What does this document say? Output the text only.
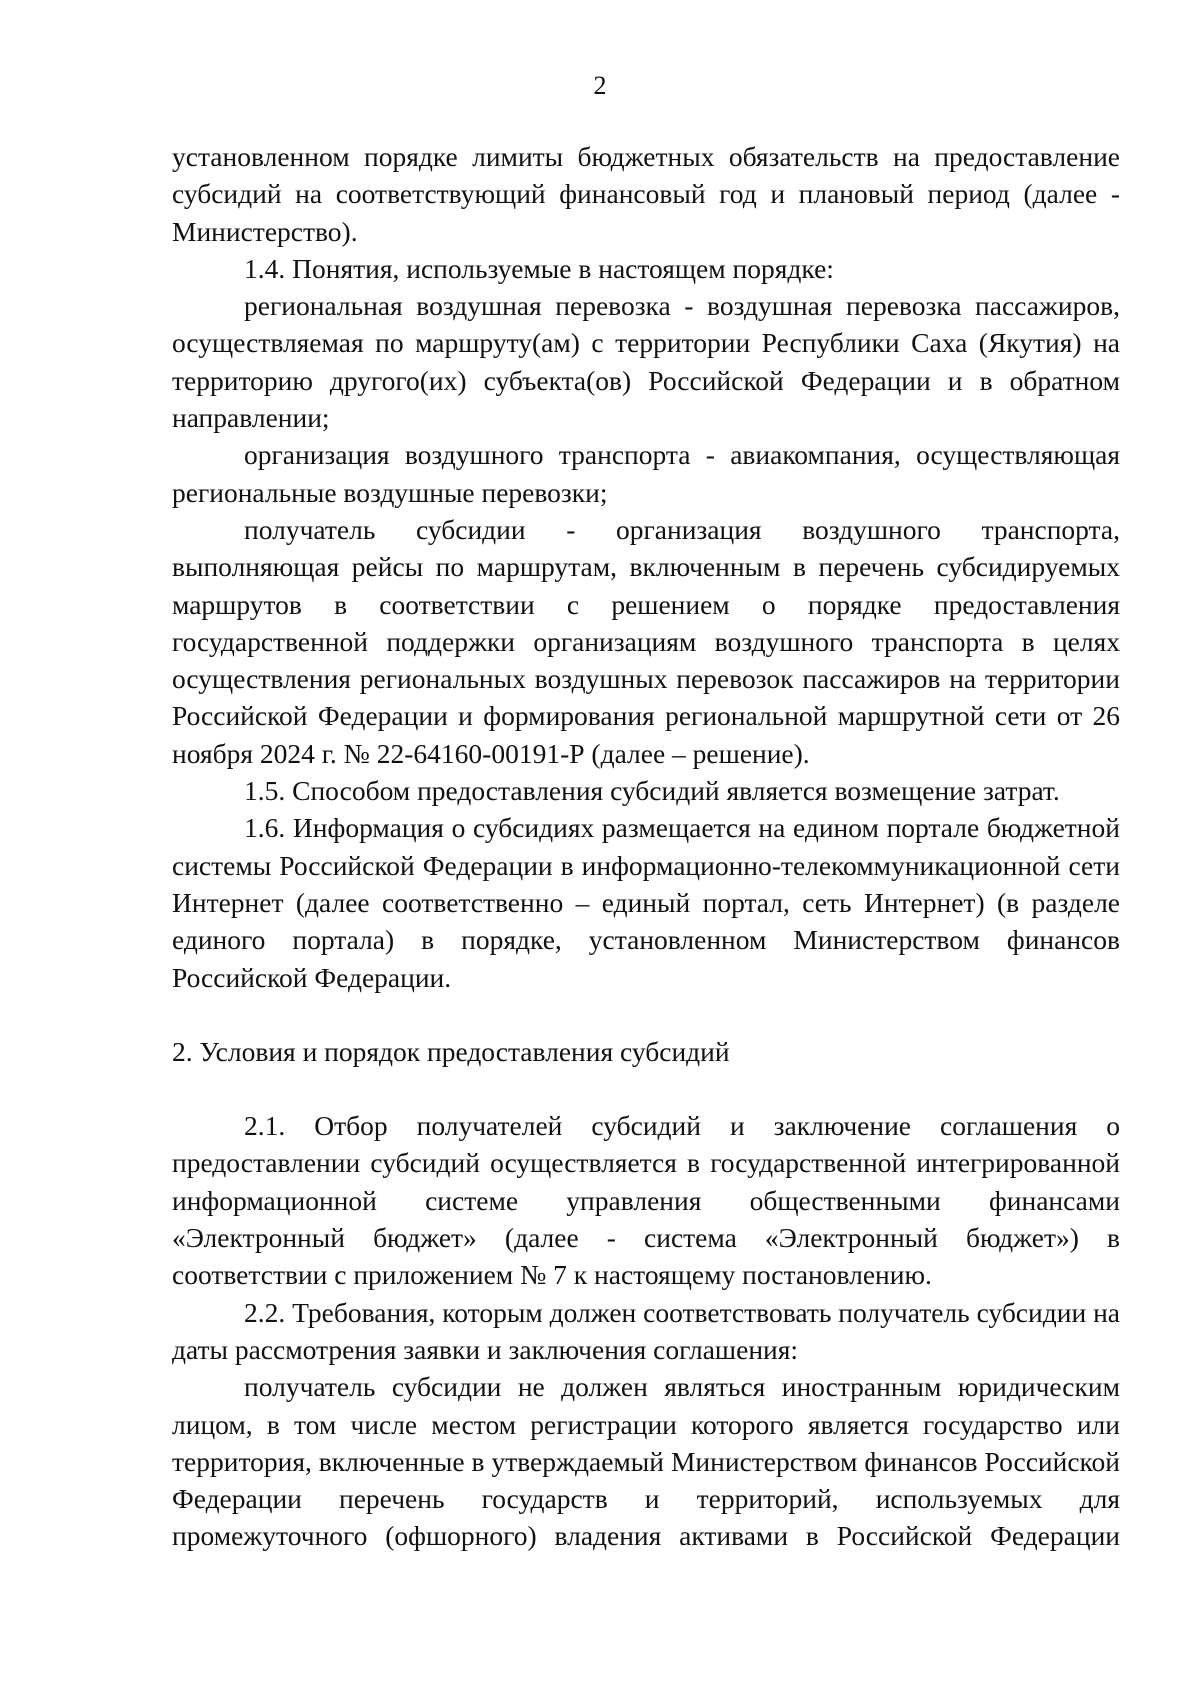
2

установленном порядке лимиты бюджетных обязательств на предоставление субсидий на соответствующий финансовый год и плановый период (далее - Министерство).

1.4. Понятия, используемые в настоящем порядке:

региональная воздушная перевозка - воздушная перевозка пассажиров, осуществляемая по маршруту(ам) с территории Республики Саха (Якутия) на территорию другого(их) субъекта(ов) Российской Федерации и в обратном направлении;

организация воздушного транспорта - авиакомпания, осуществляющая региональные воздушные перевозки;

получатель субсидии - организация воздушного транспорта, выполняющая рейсы по маршрутам, включенным в перечень субсидируемых маршрутов в соответствии с решением о порядке предоставления государственной поддержки организациям воздушного транспорта в целях осуществления региональных воздушных перевозок пассажиров на территории Российской Федерации и формирования региональной маршрутной сети от 26 ноября 2024 г. № 22-64160-00191-Р (далее – решение).

1.5. Способом предоставления субсидий является возмещение затрат.

1.6. Информация о субсидиях размещается на едином портале бюджетной системы Российской Федерации в информационно-телекоммуникационной сети Интернет (далее соответственно – единый портал, сеть Интернет) (в разделе единого портала) в порядке, установленном Министерством финансов Российской Федерации.

2. Условия и порядок предоставления субсидий

2.1. Отбор получателей субсидий и заключение соглашения о предоставлении субсидий осуществляется в государственной интегрированной информационной системе управления общественными финансами «Электронный бюджет» (далее - система «Электронный бюджет») в соответствии с приложением № 7 к настоящему постановлению.

2.2. Требования, которым должен соответствовать получатель субсидии на даты рассмотрения заявки и заключения соглашения:

получатель субсидии не должен являться иностранным юридическим лицом, в том числе местом регистрации которого является государство или территория, включенные в утверждаемый Министерством финансов Российской Федерации перечень государств и территорий, используемых для промежуточного (офшорного) владения активами в Российской Федерации
